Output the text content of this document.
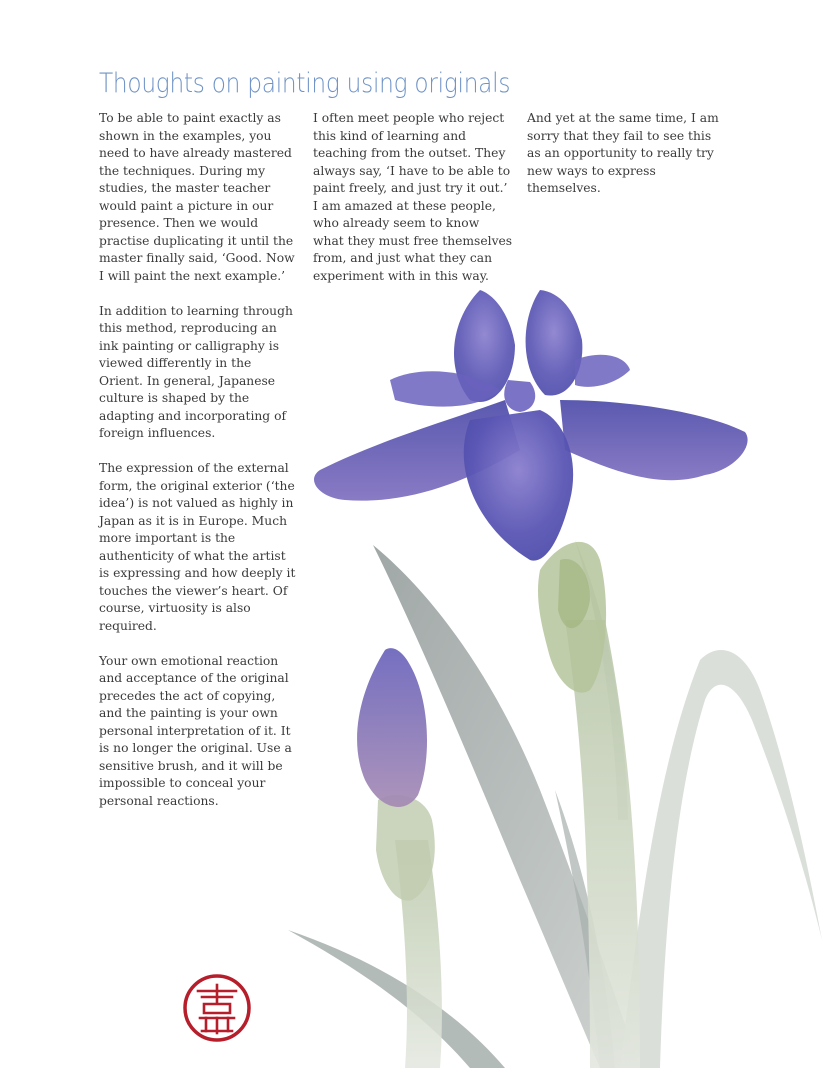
Thoughts on painting using originals

To be able to paint exactly as shown in the examples, you need to have already mastered the techniques. During my studies, the master teacher would paint a picture in our presence. Then we would practise duplicating it until the master finally said, ‘Good. Now I will paint the next example.’

In addition to learning through this method, reproducing an ink painting or calligraphy is viewed differently in the Orient. In general, Japanese culture is shaped by the adapting and incorporating of foreign influences.

The expression of the external form, the original exterior (‘the idea’) is not valued as highly in Japan as it is in Europe. Much more important is the authenticity of what the artist is expressing and how deeply it touches the viewer’s heart. Of course, virtuosity is also required.

Your own emotional reaction and acceptance of the original precedes the act of copying, and the painting is your own personal interpretation of it. It is no longer the original. Use a sensitive brush, and it will be impossible to conceal your personal reactions.

I often meet people who reject this kind of learning and teaching from the outset. They always say, ‘I have to be able to paint freely, and just try it out.’ I am amazed at these people, who already seem to know what they must free themselves from, and just what they can experiment with in this way.

And yet at the same time, I am sorry that they fail to see this as an opportunity to really try new ways to express themselves.
